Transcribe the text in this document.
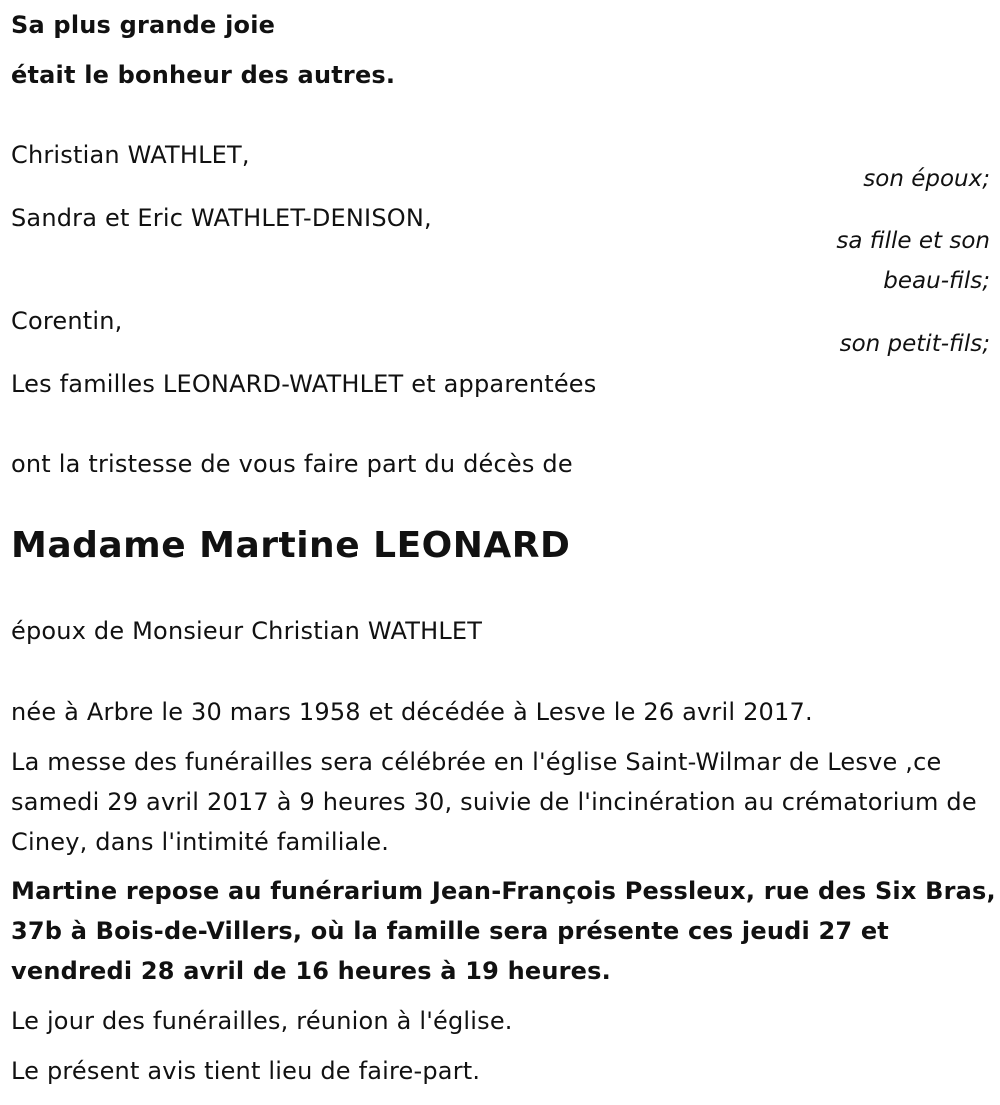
Sa plus grande joie
était le bonheur des autres.
Christian WATHLET,
son époux;
Sandra et Eric WATHLET-DENISON,
sa fille et son
beau-fils;
Corentin,
son petit-fils;
Les familles LEONARD-WATHLET et apparentées
ont la tristesse de vous faire part du décès de
Madame Martine LEONARD
époux de Monsieur Christian WATHLET
née à Arbre le 30 mars 1958 et décédée à Lesve le 26 avril 2017.
La messe des funérailles sera célébrée en l'église Saint-Wilmar de Lesve ,ce samedi 29 avril 2017 à 9 heures 30, suivie de l'incinération au crématorium de Ciney, dans l'intimité familiale.
Martine repose au funérarium Jean-François Pessleux, rue des Six Bras, 37b à Bois-de-Villers, où la famille sera présente ces jeudi 27 et vendredi 28 avril de 16 heures à 19 heures.
Le jour des funérailles, réunion à l'église.
Le présent avis tient lieu de faire-part.
